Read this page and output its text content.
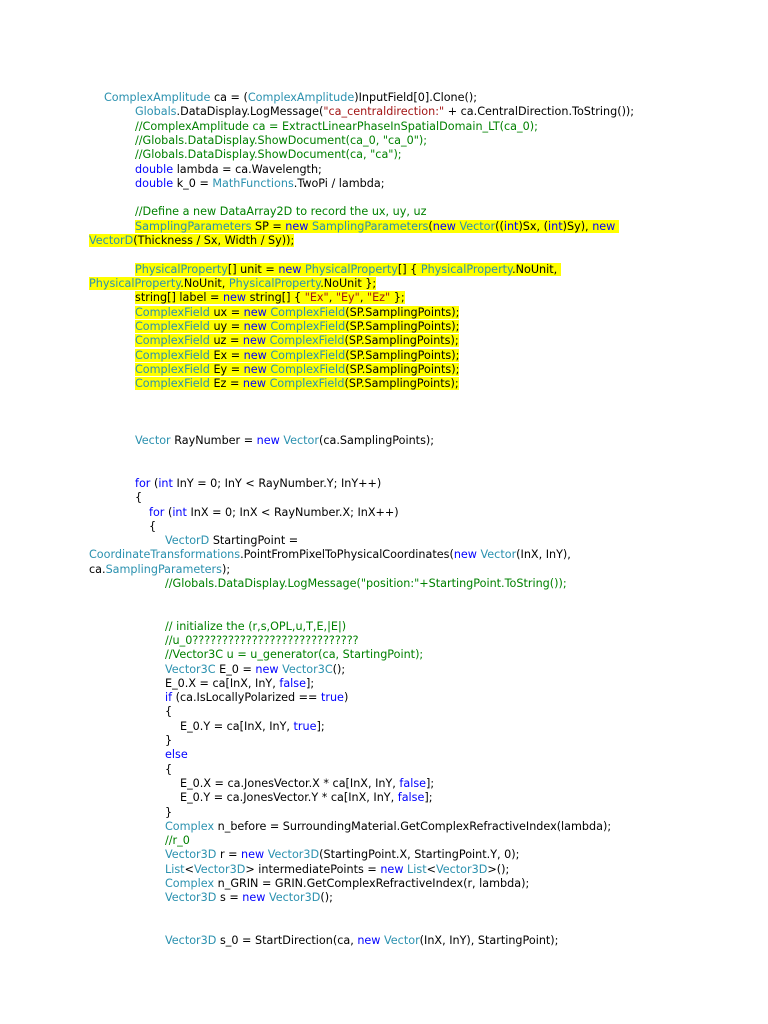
ComplexAmplitude ca = (ComplexAmplitude)InputField[0].Clone();
Globals.DataDisplay.LogMessage("ca_centraldirection:" + ca.CentralDirection.ToString());
//ComplexAmplitude ca = ExtractLinearPhaseInSpatialDomain_LT(ca_0);
//Globals.DataDisplay.ShowDocument(ca_0, "ca_0");
//Globals.DataDisplay.ShowDocument(ca, "ca");
double lambda = ca.Wavelength;
double k_0 = MathFunctions.TwoPi / lambda;
//Define a new DataArray2D to record the ux, uy, uz
SamplingParameters SP = new SamplingParameters(new Vector((int)Sx, (int)Sy), new
VectorD(Thickness / Sx, Width / Sy));
PhysicalProperty[] unit = new PhysicalProperty[] { PhysicalProperty.NoUnit,
PhysicalProperty.NoUnit, PhysicalProperty.NoUnit };
string[] label = new string[] { "Ex", "Ey", "Ez" };
ComplexField ux = new ComplexField(SP.SamplingPoints);
ComplexField uy = new ComplexField(SP.SamplingPoints);
ComplexField uz = new ComplexField(SP.SamplingPoints);
ComplexField Ex = new ComplexField(SP.SamplingPoints);
ComplexField Ey = new ComplexField(SP.SamplingPoints);
ComplexField Ez = new ComplexField(SP.SamplingPoints);
Vector RayNumber = new Vector(ca.SamplingPoints);
for (int InY = 0; InY < RayNumber.Y; InY++)
{
for (int InX = 0; InX < RayNumber.X; InX++)
{
VectorD StartingPoint =
CoordinateTransformations.PointFromPixelToPhysicalCoordinates(new Vector(InX, InY),
ca.SamplingParameters);
//Globals.DataDisplay.LogMessage("position:"+StartingPoint.ToString());
// initialize the (r,s,OPL,u,T,E,|E|)
//u_0????????????????????????????
//Vector3C u = u_generator(ca, StartingPoint);
Vector3C E_0 = new Vector3C();
E_0.X = ca[InX, InY, false];
if (ca.IsLocallyPolarized == true)
{
E_0.Y = ca[InX, InY, true];
}
else
{
E_0.X = ca.JonesVector.X * ca[InX, InY, false];
E_0.Y = ca.JonesVector.Y * ca[InX, InY, false];
}
Complex n_before = SurroundingMaterial.GetComplexRefractiveIndex(lambda);
//r_0
Vector3D r = new Vector3D(StartingPoint.X, StartingPoint.Y, 0);
List<Vector3D> intermediatePoints = new List<Vector3D>();
Complex n_GRIN = GRIN.GetComplexRefractiveIndex(r, lambda);
Vector3D s = new Vector3D();
Vector3D s_0 = StartDirection(ca, new Vector(InX, InY), StartingPoint);
